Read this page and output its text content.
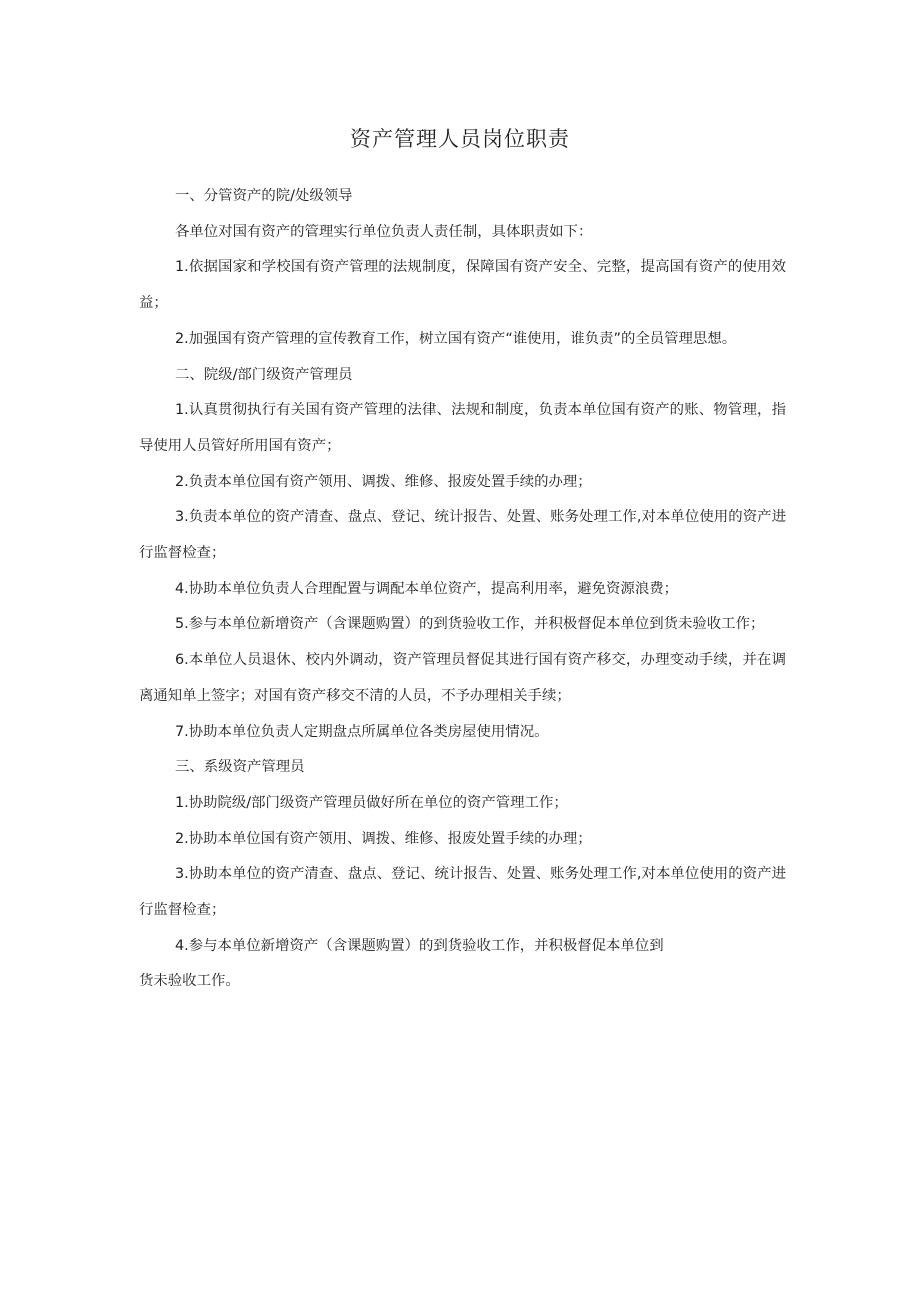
资产管理人员岗位职责

一、分管资产的院/处级领导

各单位对国有资产的管理实行单位负责人责任制，具体职责如下：

1.依据国家和学校国有资产管理的法规制度，保障国有资产安全、完整，提高国有资产的使用效益；

2.加强国有资产管理的宣传教育工作，树立国有资产“谁使用，谁负责”的全员管理思想。

二、院级/部门级资产管理员

1.认真贯彻执行有关国有资产管理的法律、法规和制度，负责本单位国有资产的账、物管理，指导使用人员管好所用国有资产；

2.负责本单位国有资产领用、调拨、维修、报废处置手续的办理；

3.负责本单位的资产清查、盘点、登记、统计报告、处置、账务处理工作,对本单位使用的资产进行监督检查；

4.协助本单位负责人合理配置与调配本单位资产，提高利用率，避免资源浪费；

5.参与本单位新增资产（含课题购置）的到货验收工作，并积极督促本单位到货未验收工作；

6.本单位人员退休、校内外调动，资产管理员督促其进行国有资产移交，办理变动手续，并在调离通知单上签字；对国有资产移交不清的人员，不予办理相关手续；

7.协助本单位负责人定期盘点所属单位各类房屋使用情况。

三、系级资产管理员

1.协助院级/部门级资产管理员做好所在单位的资产管理工作；

2.协助本单位国有资产领用、调拨、维修、报废处置手续的办理；

3.协助本单位的资产清查、盘点、登记、统计报告、处置、账务处理工作,对本单位使用的资产进行监督检查；

4.参与本单位新增资产（含课题购置）的到货验收工作，并积极督促本单位到
货未验收工作。
